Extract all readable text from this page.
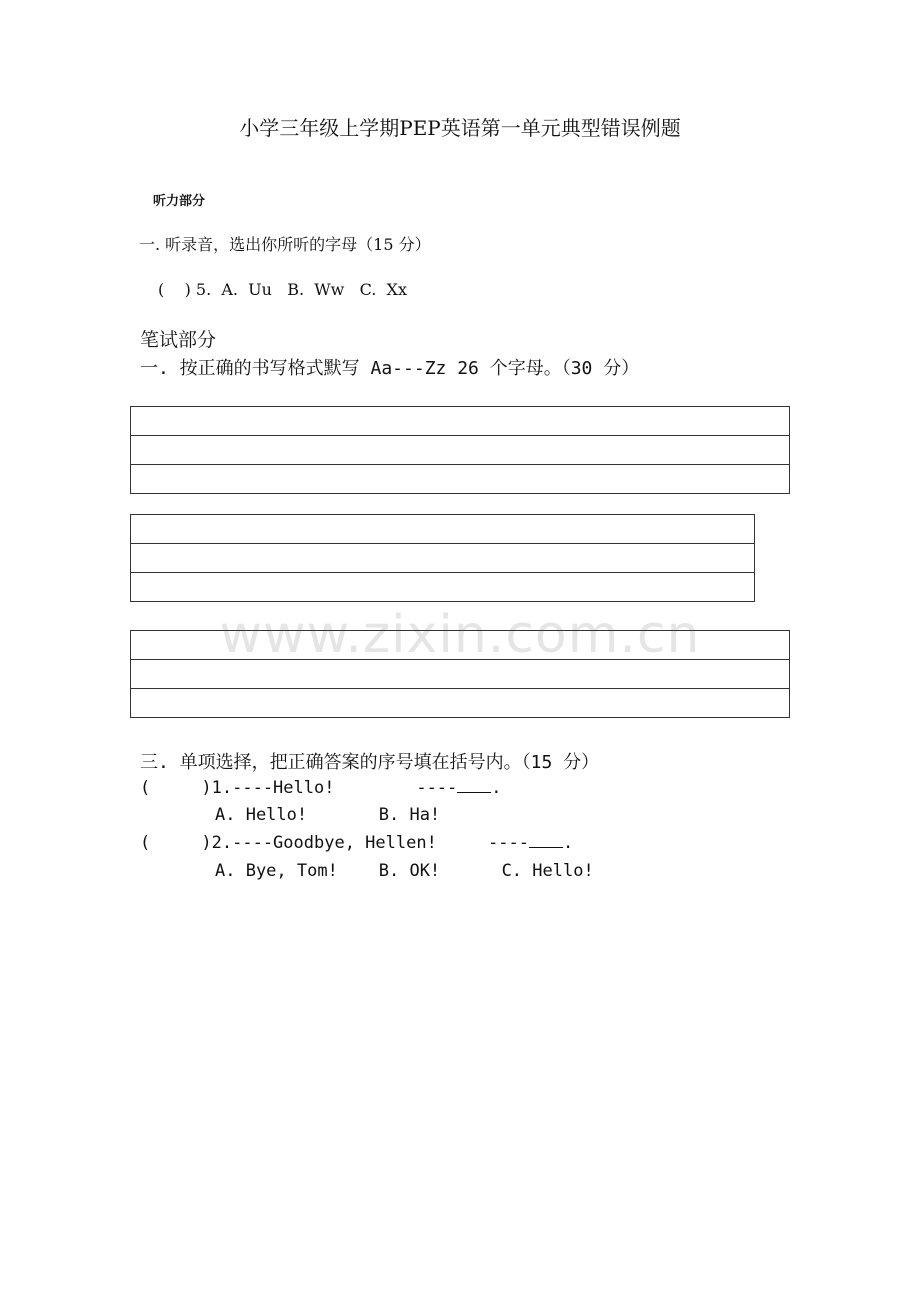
小学三年级上学期PEP英语第一单元典型错误例题
听力部分
一. 听录音，选出你所听的字母（15 分）
(    ) 5.  A.  Uu   B.  Ww   C.  Xx
笔试部分
一. 按正确的书写格式默写 Aa---Zz 26 个字母。（30 分）
www.zixin.com.cn
三. 单项选择，把正确答案的序号填在括号内。（15 分）
(     )1.----Hello!        ---- .
A. Hello!       B. Ha!
(     )2.----Goodbye, Hellen!     ---- .
A. Bye, Tom!    B. OK!      C. Hello!
